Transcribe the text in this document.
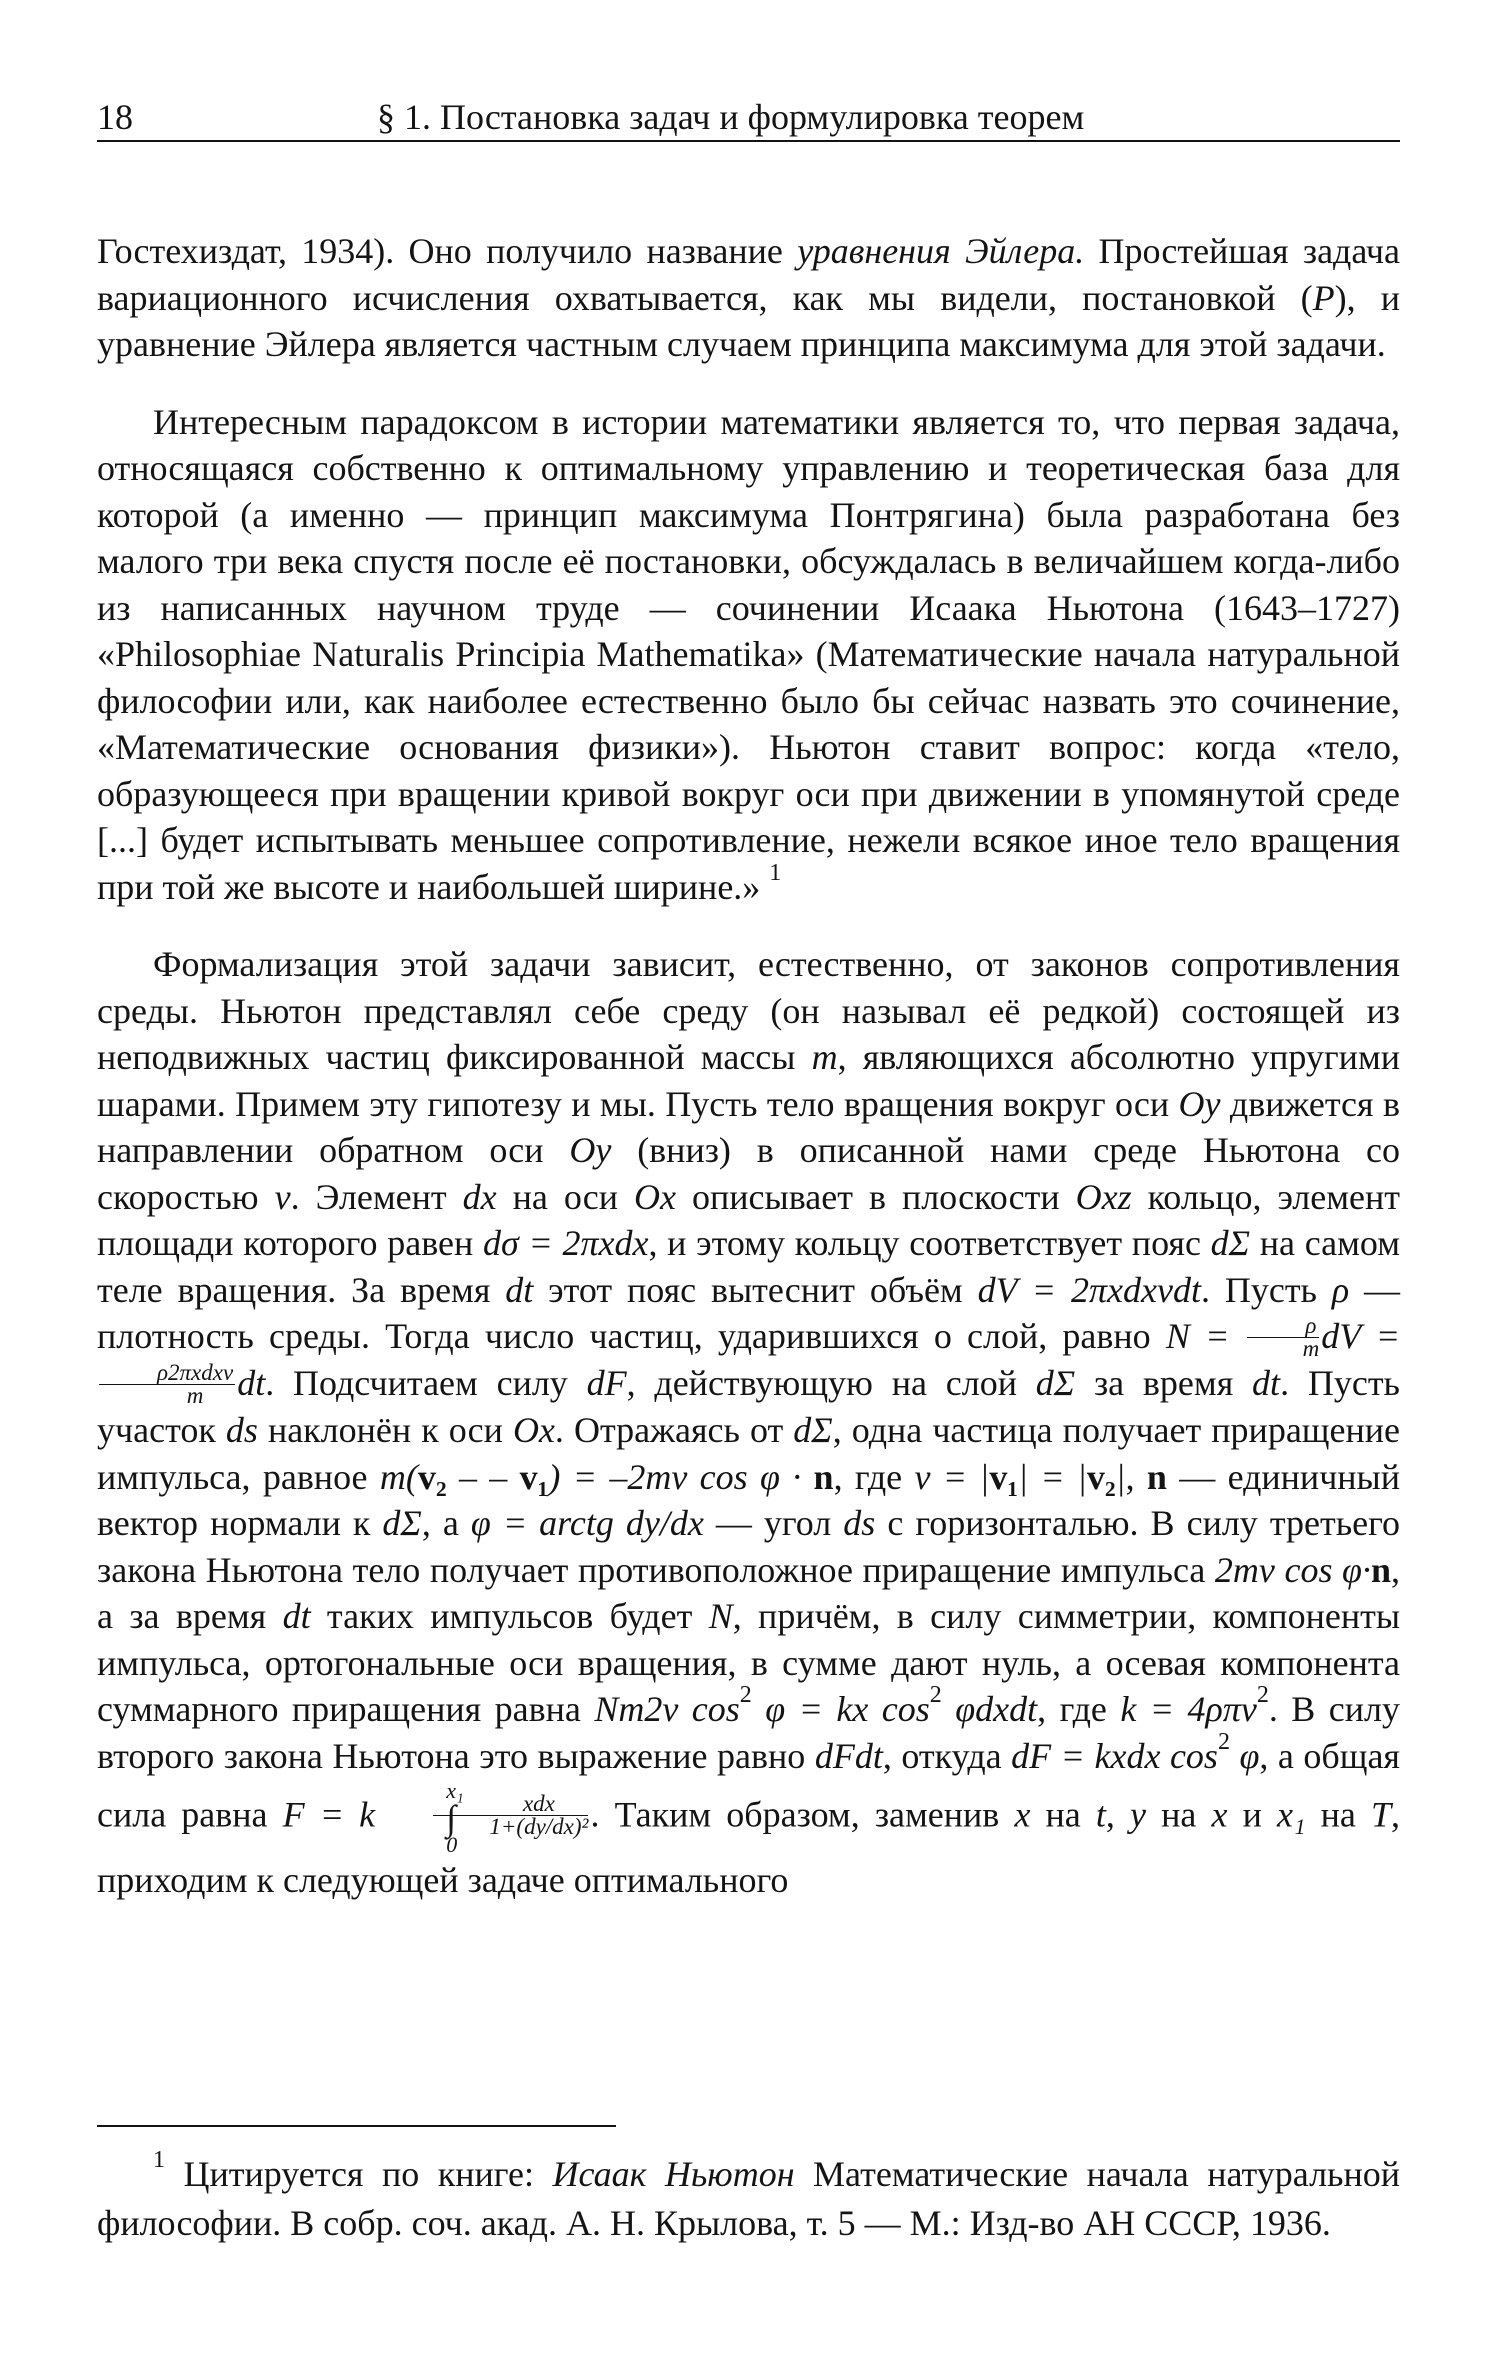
18	§ 1. Постановка задач и формулировка теорем

Гостехиздат, 1934). Оно получило название уравнения Эйлера. Простейшая задача вариационного исчисления охватывается, как мы видели, постановкой (P), и уравнение Эйлера является частным случаем принципа максимума для этой задачи.

Интересным парадоксом в истории математики является то, что первая задача, относящаяся собственно к оптимальному управлению и теоретическая база для которой (а именно — принцип максимума Понтрягина) была разработана без малого три века спустя после её постановки, обсуждалась в величайшем когда-либо из написанных научном труде — сочинении Исаака Ньютона (1643–1727) «Philosophiae Naturalis Principia Mathematika» (Математические начала натуральной философии или, как наиболее естественно было бы сейчас назвать это сочинение, «Математические основания физики»). Ньютон ставит вопрос: когда «тело, образующееся при вращении кривой вокруг оси при движении в упомянутой среде [...] будет испытывать меньшее сопротивление, нежели всякое иное тело вращения при той же высоте и наибольшей ширине.» $^1$

Формализация этой задачи зависит, естественно, от законов сопротивления среды. Ньютон представлял себе среду (он называл её редкой) состоящей из неподвижных частиц фиксированной массы m, являющихся абсолютно упругими шарами. Примем эту гипотезу и мы. Пусть тело вращения вокруг оси Oy движется в направлении обратном оси Oy (вниз) в описанной нами среде Ньютона со скоростью v. Элемент dx на оси Ox описывает в плоскости Oxz кольцо, элемент площади которого равен dσ = 2πxdx, и этому кольцу соответствует пояс dΣ на самом теле вращения. За время dt этот пояс вытеснит объём dV = 2πxdxvdt. Пусть ρ — плотность среды. Тогда число частиц, ударившихся о слой, равно $N = \frac{\rho}{m}$ dV =
$\frac{\text{ρ2πxdxv}}{m}$ dt. Подсчитаем силу dF, действующую на слой dΣ за время dt. Пусть участок ds наклонён к оси Ox. Отражаясь от dΣ, одна частица получает приращение импульса, равное m(v₂ – – v₁) = –2mv cos φ · n, где v = |v₁| = |v₂|, n — единичный вектор нормали к dΣ, а φ = arctg dy/dx — угол ds с горизонталью. В силу третьего закона Ньютона тело получает противоположное приращение импульса 2mv cos φ·n, а за время dt таких импульсов будет N, причём, в силу симметрии, компоненты импульса, ортогональные оси вращения, в сумме дают нуль, а осевая компонента суммарного приращения равна Nm2v $\cos^2 \varphi$ = kx $\cos^2$ φdxdt, где k = 4ρπv$^2$. В силу второго закона Ньютона это выражение равно dFdt, откуда dF = kxdx $\cos^2 \varphi$, а общая сила равна F = k
x₁
∫
0

$\frac{\text{xdx}}{\text{1+(dy/dx)²}}$ . Таким образом, заменив x на t, y на x и x₁ на T, приходим к следующей задаче оптимального

$^1$ Цитируется по книге: Исаак Ньютон Математические начала натуральной философии. В собр. соч. акад. А. Н. Крылова, т. 5 — М.: Изд-во АН СССР, 1936.
